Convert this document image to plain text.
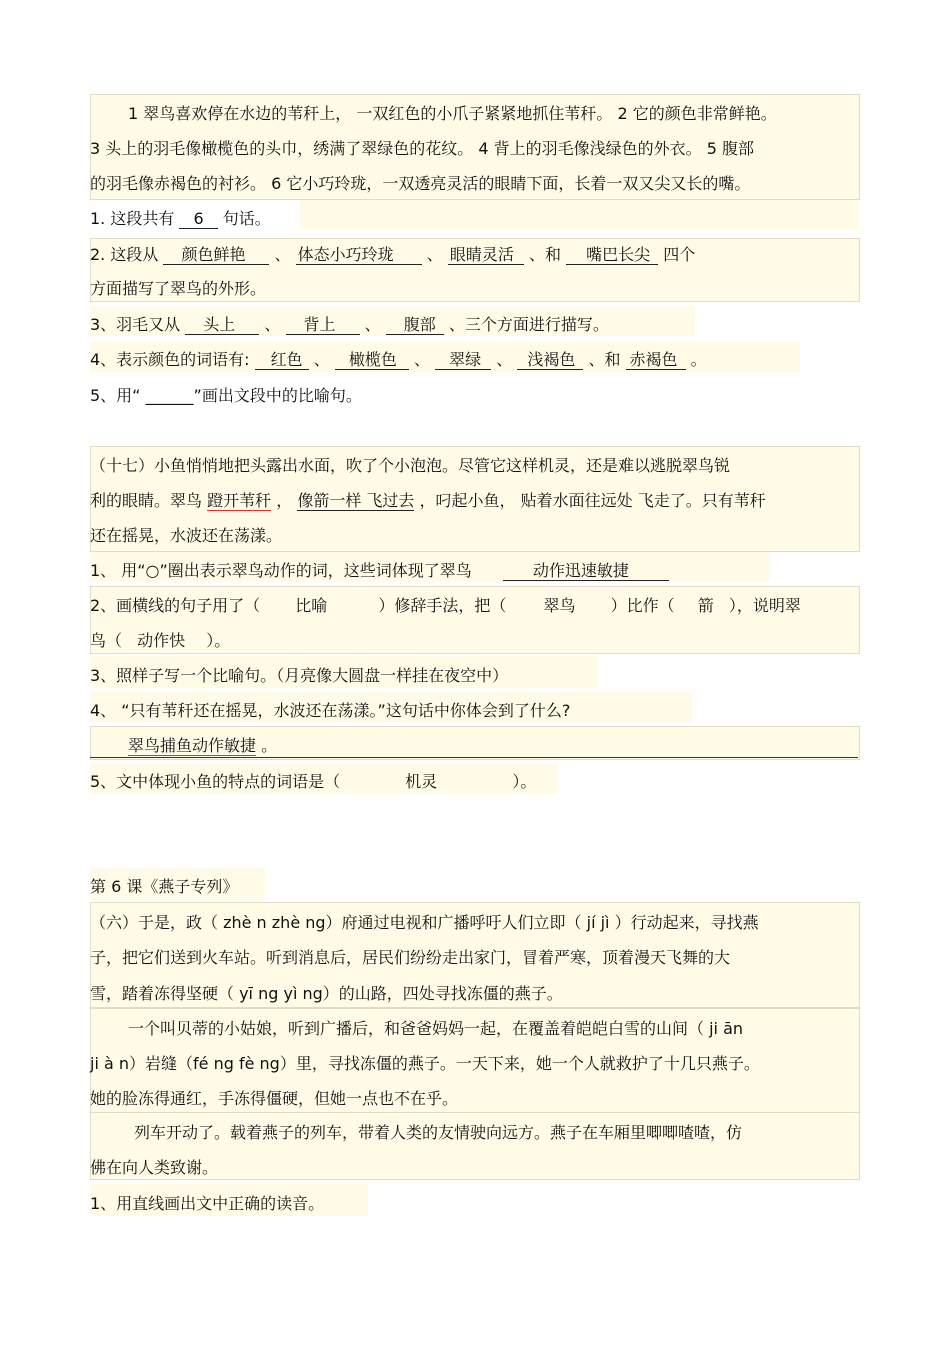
1 翠鸟喜欢停在水边的苇秆上， 一双红色的小爪子紧紧地抓住苇秆。 2 它的颜色非常鲜艳。
3 头上的羽毛像橄榄色的头巾，绣满了翠绿色的花纹。 4 背上的羽毛像浅绿色的外衣。 5 腹部
的羽毛像赤褐色的衬衫。 6 它小巧玲珑，一双透亮灵活的眼睛下面，长着一双又尖又长的嘴。
1. 这段共有 6 句话。
2. 这段从 颜色鲜艳 、 体态小巧玲珑 、 眼睛灵活 、和 嘴巴长尖 四个
方面描写了翠鸟的外形。
3、羽毛又从 头上 、 背上 、 腹部 、三个方面进行描写。
4、表示颜色的词语有: 红色 、 橄榄色 、 翠绿 、 浅褐色 、和 赤褐色 。
5、用“ ______”画出文段中的比喻句。
（十七）小鱼悄悄地把头露出水面，吹了个小泡泡。尽管它这样机灵，还是难以逃脱翠鸟锐
利的眼睛。翠鸟 蹬开苇秆 ， 像箭一样 飞过去 ，叼起小鱼， 贴着水面往远处 飞走了。只有苇秆
还在摇晃，水波还在荡漾。
1、 用“○”圈出表示翠鸟动作的词，这些词体现了翠鸟	动作迅速敏捷
2、画横线的句子用了（ 比喻	）修辞手法，把（ 翠鸟 ）比作（ 箭 ），说明翠
鸟（ 动作快 ）。
3、照样子写一个比喻句。（月亮像大圆盘一样挂在夜空中）
4、 “只有苇秆还在摇晃，水波还在荡漾。”这句话中你体会到了什么?
翠鸟捕鱼动作敏捷 。
5、文中体现小鱼的特点的词语是（	机灵	）。
第 6 课《燕子专列》
（六）于是，政（ zhè n zhè ng）府通过电视和广播呼吁人们立即（ jí jì ）行动起来，寻找燕
子，把它们送到火车站。听到消息后，居民们纷纷走出家门，冒着严寒，顶着漫天飞舞的大
雪，踏着冻得坚硬（ yī ng yì ng）的山路，四处寻找冻僵的燕子。
一个叫贝蒂的小姑娘，听到广播后，和爸爸妈妈一起，在覆盖着皑皑白雪的山间（ ji ān
ji à n）岩缝（fé ng fè ng）里，寻找冻僵的燕子。一天下来，她一个人就救护了十几只燕子。
她的脸冻得通红，手冻得僵硬，但她一点也不在乎。
列车开动了。载着燕子的列车，带着人类的友情驶向远方。燕子在车厢里唧唧喳喳，仿
佛在向人类致谢。
1、用直线画出文中正确的读音。
